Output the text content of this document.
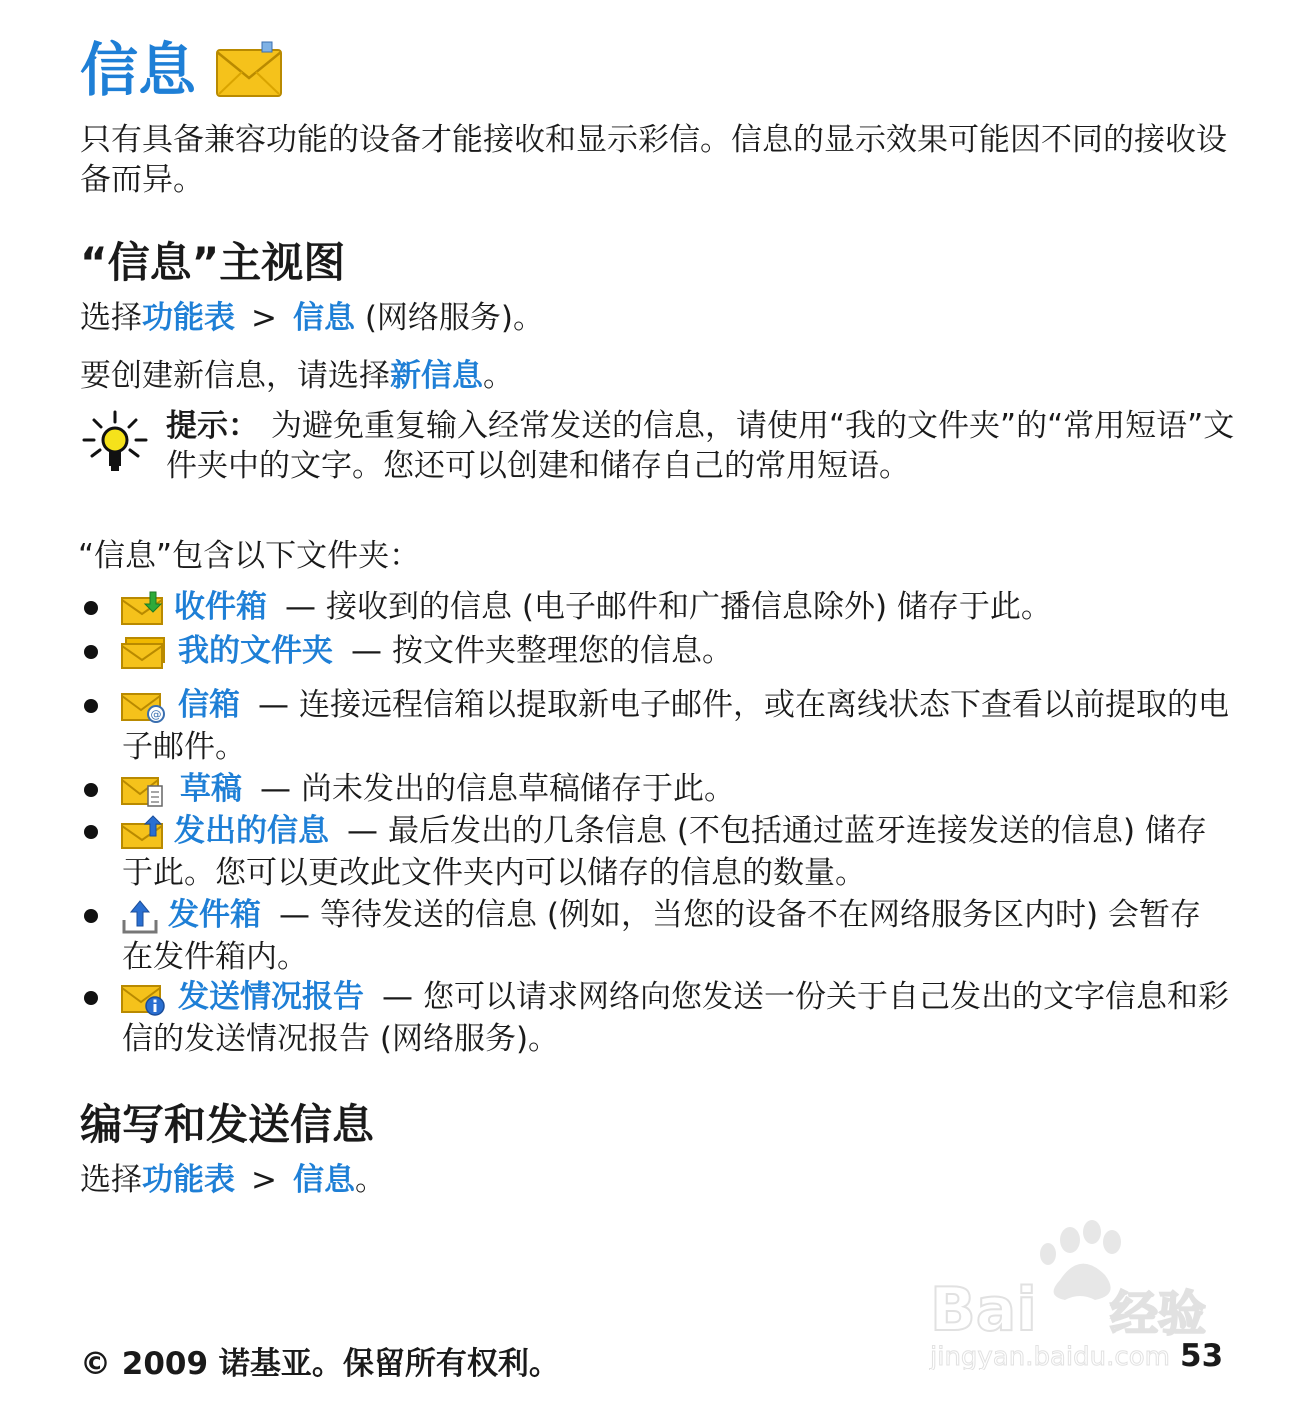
信息
只有具备兼容功能的设备才能接收和显示彩信。信息的显示效果可能因不同的接收设备而异。
“信息”主视图
选择功能表 > 信息 (网络服务)。
要创建新信息，请选择新信息。
提示： 为避免重复输入经常发送的信息，请使用“我的文件夹”的“常用短语”文件夹中的文字。您还可以创建和储存自己的常用短语。
“信息”包含以下文件夹：
收件箱 — 接收到的信息 (电子邮件和广播信息除外) 储存于此。
我的文件夹 — 按文件夹整理您的信息。
@ 信箱 — 连接远程信箱以提取新电子邮件，或在离线状态下查看以前提取的电子邮件。
草稿 — 尚未发出的信息草稿储存于此。
发出的信息 — 最后发出的几条信息 (不包括通过蓝牙连接发送的信息) 储存于此。您可以更改此文件夹内可以储存的信息的数量。
发件箱 — 等待发送的信息 (例如，当您的设备不在网络服务区内时) 会暂存在发件箱内。
发送情况报告 — 您可以请求网络向您发送一份关于自己发出的文字信息和彩信的发送情况报告 (网络服务)。
编写和发送信息
选择功能表 > 信息。
Bai 经验
jingyan.baidu.com
© 2009 诺基亚。保留所有权利。	53
